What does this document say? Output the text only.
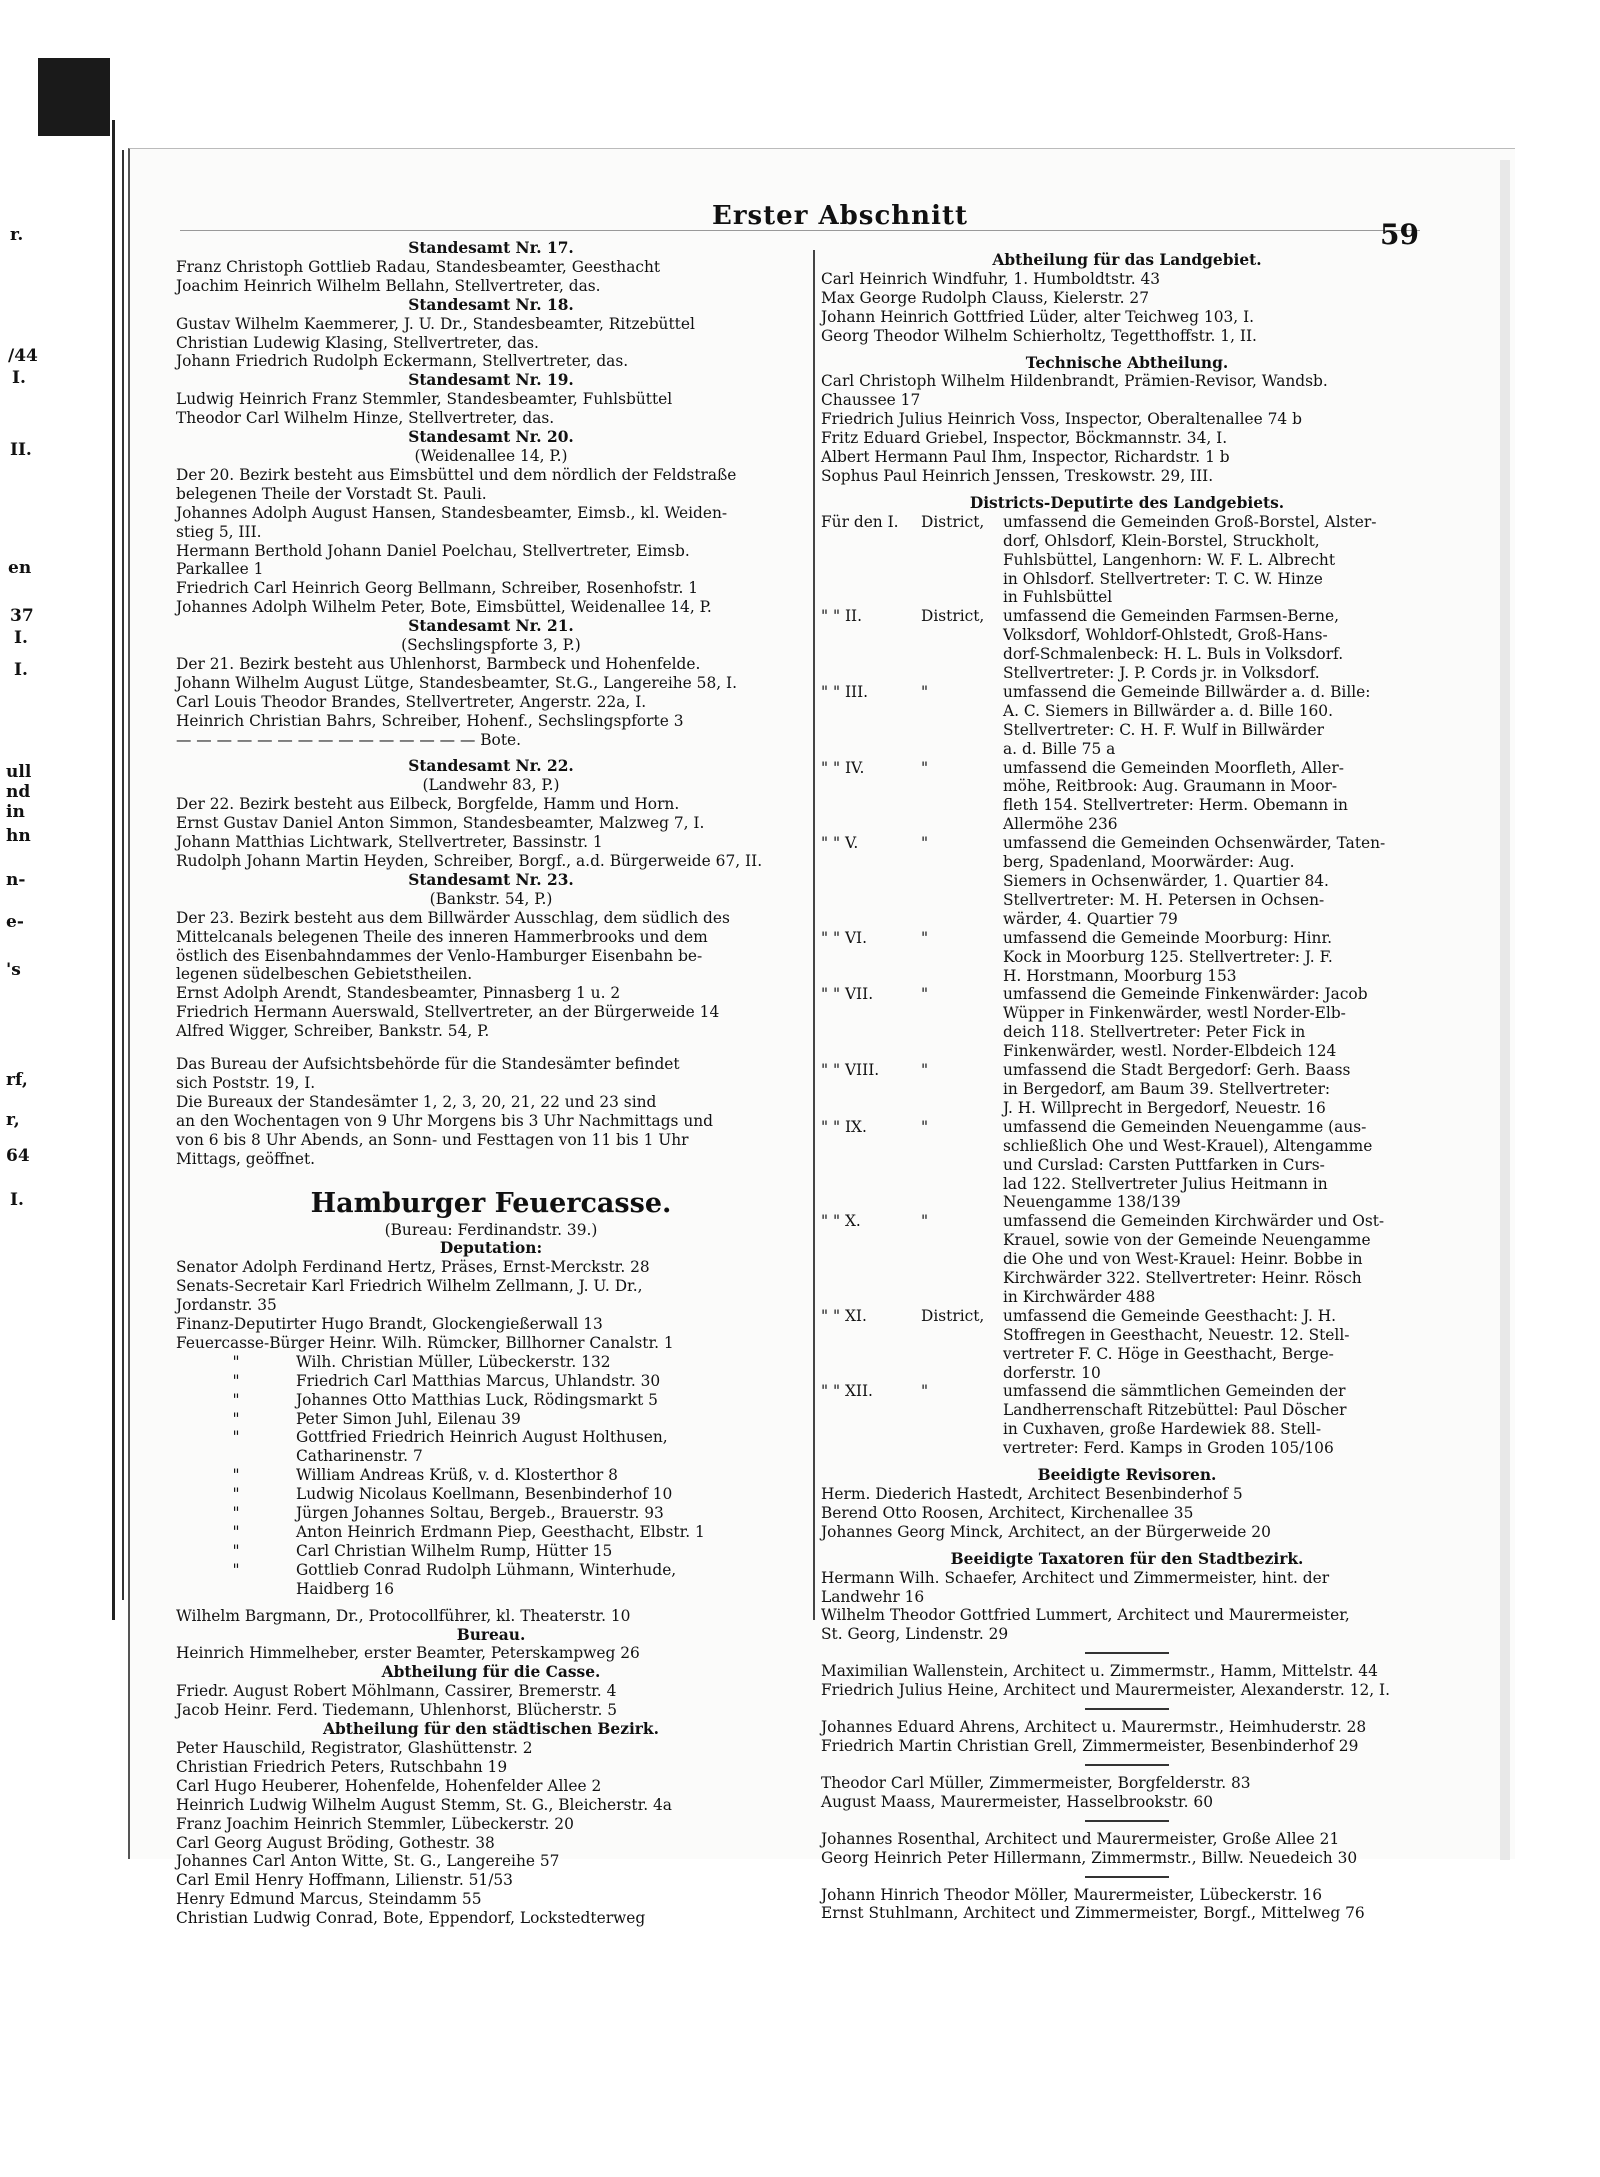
r.
/44
I.
II.
37
I.
I.
en
ull
nd
in
hn
n-
e-
's
rf,
r,
64
I.
Erster Abschnitt
59
Standesamt Nr. 17.
Franz Christoph Gottlieb Radau, Standesbeamter, Geesthacht
Joachim Heinrich Wilhelm Bellahn, Stellvertreter, das.
Standesamt Nr. 18.
Gustav Wilhelm Kaemmerer, J. U. Dr., Standesbeamter, Ritzebüttel
Christian Ludewig Klasing, Stellvertreter, das.
Johann Friedrich Rudolph Eckermann, Stellvertreter, das.
Standesamt Nr. 19.
Ludwig Heinrich Franz Stemmler, Standesbeamter, Fuhlsbüttel
Theodor Carl Wilhelm Hinze, Stellvertreter, das.
Standesamt Nr. 20.
(Weidenallee 14, P.)
Der 20. Bezirk besteht aus Eimsbüttel und dem nördlich der Feldstraße
belegenen Theile der Vorstadt St. Pauli.
Johannes Adolph August Hansen, Standesbeamter, Eimsb., kl. Weiden-
stieg 5, III.
Hermann Berthold Johann Daniel Poelchau, Stellvertreter, Eimsb.
Parkallee 1
Friedrich Carl Heinrich Georg Bellmann, Schreiber, Rosenhofstr. 1
Johannes Adolph Wilhelm Peter, Bote, Eimsbüttel, Weidenallee 14, P.
Standesamt Nr. 21.
(Sechslingspforte 3, P.)
Der 21. Bezirk besteht aus Uhlenhorst, Barmbeck und Hohenfelde.
Johann Wilhelm August Lütge, Standesbeamter, St.G., Langereihe 58, I.
Carl Louis Theodor Brandes, Stellvertreter, Angerstr. 22a, I.
Heinrich Christian Bahrs, Schreiber, Hohenf., Sechslingspforte 3
— — — — — — — — — — — — — — — Bote.
Standesamt Nr. 22.
(Landwehr 83, P.)
Der 22. Bezirk besteht aus Eilbeck, Borgfelde, Hamm und Horn.
Ernst Gustav Daniel Anton Simmon, Standesbeamter, Malzweg 7, I.
Johann Matthias Lichtwark, Stellvertreter, Bassinstr. 1
Rudolph Johann Martin Heyden, Schreiber, Borgf., a.d. Bürgerweide 67, II.
Standesamt Nr. 23.
(Bankstr. 54, P.)
Der 23. Bezirk besteht aus dem Billwärder Ausschlag, dem südlich des
Mittelcanals belegenen Theile des inneren Hammerbrooks und dem
östlich des Eisenbahndammes der Venlo-Hamburger Eisenbahn be-
legenen südelbeschen Gebietstheilen.
Ernst Adolph Arendt, Standesbeamter, Pinnasberg 1 u. 2
Friedrich Hermann Auerswald, Stellvertreter, an der Bürgerweide 14
Alfred Wigger, Schreiber, Bankstr. 54, P.
Das Bureau der Aufsichtsbehörde für die Standesämter befindet
sich Poststr. 19, I.
Die Bureaux der Standesämter 1, 2, 3, 20, 21, 22 und 23 sind
an den Wochentagen von 9 Uhr Morgens bis 3 Uhr Nachmittags und
von 6 bis 8 Uhr Abends, an Sonn- und Festtagen von 11 bis 1 Uhr
Mittags, geöffnet.
Hamburger Feuercasse.
(Bureau: Ferdinandstr. 39.)
Deputation:
Senator Adolph Ferdinand Hertz, Präses, Ernst-Merckstr. 28
Senats-Secretair Karl Friedrich Wilhelm Zellmann, J. U. Dr.,
Jordanstr. 35
Finanz-Deputirter Hugo Brandt, Glockengießerwall 13
Feuercasse-Bürger Heinr. Wilh. Rümcker, Billhorner Canalstr. 1
"	Wilh. Christian Müller, Lübeckerstr. 132
"	Friedrich Carl Matthias Marcus, Uhlandstr. 30
"	Johannes Otto Matthias Luck, Rödingsmarkt 5
"	Peter Simon Juhl, Eilenau 39
"	Gottfried Friedrich Heinrich August Holthusen,
Catharinenstr. 7
"	William Andreas Krüß, v. d. Klosterthor 8
"	Ludwig Nicolaus Koellmann, Besenbinderhof 10
"	Jürgen Johannes Soltau, Bergeb., Brauerstr. 93
"	Anton Heinrich Erdmann Piep, Geesthacht, Elbstr. 1
"	Carl Christian Wilhelm Rump, Hütter 15
"	Gottlieb Conrad Rudolph Lühmann, Winterhude,
Haidberg 16
Wilhelm Bargmann, Dr., Protocollführer, kl. Theaterstr. 10
Bureau.
Heinrich Himmelheber, erster Beamter, Peterskampweg 26
Abtheilung für die Casse.
Friedr. August Robert Möhlmann, Cassirer, Bremerstr. 4
Jacob Heinr. Ferd. Tiedemann, Uhlenhorst, Blücherstr. 5
Abtheilung für den städtischen Bezirk.
Peter Hauschild, Registrator, Glashüttenstr. 2
Christian Friedrich Peters, Rutschbahn 19
Carl Hugo Heuberer, Hohenfelde, Hohenfelder Allee 2
Heinrich Ludwig Wilhelm August Stemm, St. G., Bleicherstr. 4a
Franz Joachim Heinrich Stemmler, Lübeckerstr. 20
Carl Georg August Bröding, Gothestr. 38
Johannes Carl Anton Witte, St. G., Langereihe 57
Carl Emil Henry Hoffmann, Lilienstr. 51/53
Henry Edmund Marcus, Steindamm 55
Christian Ludwig Conrad, Bote, Eppendorf, Lockstedterweg
Abtheilung für das Landgebiet.
Carl Heinrich Windfuhr, 1. Humboldtstr. 43
Max George Rudolph Clauss, Kielerstr. 27
Johann Heinrich Gottfried Lüder, alter Teichweg 103, I.
Georg Theodor Wilhelm Schierholtz, Tegetthoffstr. 1, II.
Technische Abtheilung.
Carl Christoph Wilhelm Hildenbrandt, Prämien-Revisor, Wandsb.
Chaussee 17
Friedrich Julius Heinrich Voss, Inspector, Oberaltenallee 74 b
Fritz Eduard Griebel, Inspector, Böckmannstr. 34, I.
Albert Hermann Paul Ihm, Inspector, Richardstr. 1 b
Sophus Paul Heinrich Jenssen, Treskowstr. 29, III.
Districts-Deputirte des Landgebiets.
Für den I.	District,	umfassend die Gemeinden Groß-Borstel, Alster-
dorf, Ohlsdorf, Klein-Borstel, Struckholt,
Fuhlsbüttel, Langenhorn: W. F. L. Albrecht
in Ohlsdorf. Stellvertreter: T. C. W. Hinze
in Fuhlsbüttel
" " II.	District,	umfassend die Gemeinden Farmsen-Berne,
Volksdorf, Wohldorf-Ohlstedt, Groß-Hans-
dorf-Schmalenbeck: H. L. Buls in Volksdorf.
Stellvertreter: J. P. Cords jr. in Volksdorf.
" " III.	"	umfassend die Gemeinde Billwärder a. d. Bille:
A. C. Siemers in Billwärder a. d. Bille 160.
Stellvertreter: C. H. F. Wulf in Billwärder
a. d. Bille 75 a
" " IV.	"	umfassend die Gemeinden Moorfleth, Aller-
möhe, Reitbrook: Aug. Graumann in Moor-
fleth 154. Stellvertreter: Herm. Obemann in
Allermöhe 236
" " V.	"	umfassend die Gemeinden Ochsenwärder, Taten-
berg, Spadenland, Moorwärder: Aug.
Siemers in Ochsenwärder, 1. Quartier 84.
Stellvertreter: M. H. Petersen in Ochsen-
wärder, 4. Quartier 79
" " VI.	"	umfassend die Gemeinde Moorburg: Hinr.
Kock in Moorburg 125. Stellvertreter: J. F.
H. Horstmann, Moorburg 153
" " VII.	"	umfassend die Gemeinde Finkenwärder: Jacob
Wüpper in Finkenwärder, westl Norder-Elb-
deich 118. Stellvertreter: Peter Fick in
Finkenwärder, westl. Norder-Elbdeich 124
" " VIII.	"	umfassend die Stadt Bergedorf: Gerh. Baass
in Bergedorf, am Baum 39. Stellvertreter:
J. H. Willprecht in Bergedorf, Neuestr. 16
" " IX.	"	umfassend die Gemeinden Neuengamme (aus-
schließlich Ohe und West-Krauel), Altengamme
und Curslad: Carsten Puttfarken in Curs-
lad 122. Stellvertreter Julius Heitmann in
Neuengamme 138/139
" " X.	"	umfassend die Gemeinden Kirchwärder und Ost-
Krauel, sowie von der Gemeinde Neuengamme
die Ohe und von West-Krauel: Heinr. Bobbe in
Kirchwärder 322. Stellvertreter: Heinr. Rösch
in Kirchwärder 488
" " XI.	District,	umfassend die Gemeinde Geesthacht: J. H.
Stoffregen in Geesthacht, Neuestr. 12. Stell-
vertreter F. C. Höge in Geesthacht, Berge-
dorferstr. 10
" " XII.	"	umfassend die sämmtlichen Gemeinden der
Landherrenschaft Ritzebüttel: Paul Döscher
in Cuxhaven, große Hardewiek 88. Stell-
vertreter: Ferd. Kamps in Groden 105/106
Beeidigte Revisoren.
Herm. Diederich Hastedt, Architect Besenbinderhof 5
Berend Otto Roosen, Architect, Kirchenallee 35
Johannes Georg Minck, Architect, an der Bürgerweide 20
Beeidigte Taxatoren für den Stadtbezirk.
Hermann Wilh. Schaefer, Architect und Zimmermeister, hint. der
Landwehr 16
Wilhelm Theodor Gottfried Lummert, Architect und Maurermeister,
St. Georg, Lindenstr. 29
Maximilian Wallenstein, Architect u. Zimmermstr., Hamm, Mittelstr. 44
Friedrich Julius Heine, Architect und Maurermeister, Alexanderstr. 12, I.
Johannes Eduard Ahrens, Architect u. Maurermstr., Heimhuderstr. 28
Friedrich Martin Christian Grell, Zimmermeister, Besenbinderhof 29
Theodor Carl Müller, Zimmermeister, Borgfelderstr. 83
August Maass, Maurermeister, Hasselbrookstr. 60
Johannes Rosenthal, Architect und Maurermeister, Große Allee 21
Georg Heinrich Peter Hillermann, Zimmermstr., Billw. Neuedeich 30
Johann Hinrich Theodor Möller, Maurermeister, Lübeckerstr. 16
Ernst Stuhlmann, Architect und Zimmermeister, Borgf., Mittelweg 76
